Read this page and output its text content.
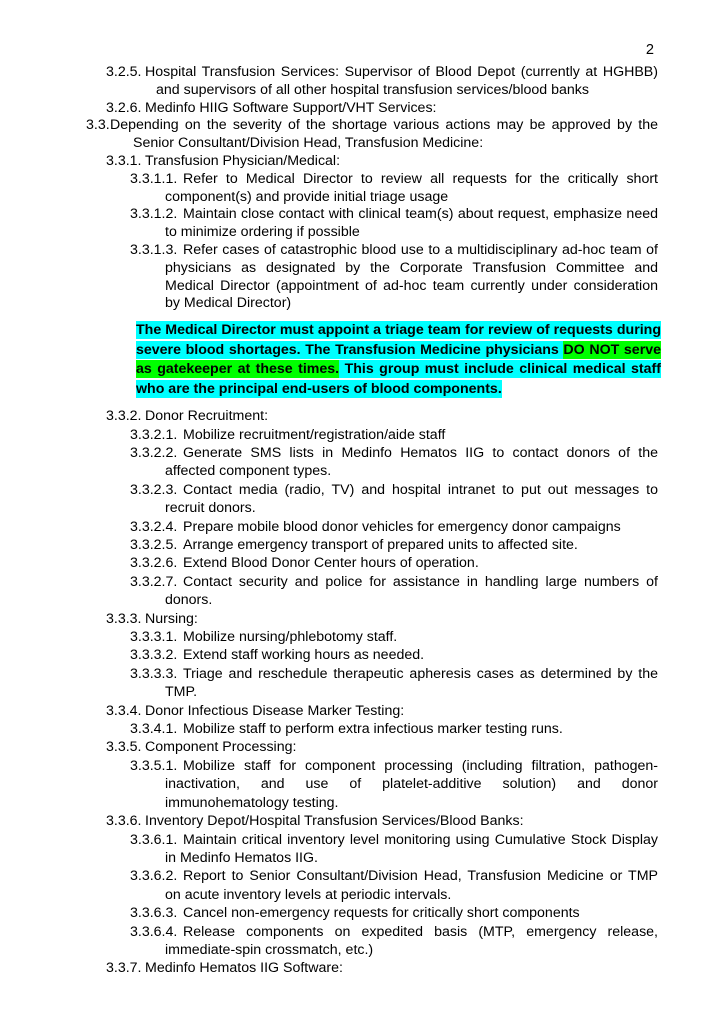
2

3.2.5. Hospital Transfusion Services: Supervisor of Blood Depot (currently at HGHBB) and supervisors of all other hospital transfusion services/blood banks

3.2.6. Medinfo HIIG Software Support/VHT Services:

3.3.Depending on the severity of the shortage various actions may be approved by the Senior Consultant/Division Head, Transfusion Medicine:

3.3.1. Transfusion Physician/Medical:

3.3.1.1. Refer to Medical Director to review all requests for the critically short component(s) and provide initial triage usage

3.3.1.2. Maintain close contact with clinical team(s) about request, emphasize need to minimize ordering if possible

3.3.1.3. Refer cases of catastrophic blood use to a multidisciplinary ad-hoc team of physicians as designated by the Corporate Transfusion Committee and Medical Director (appointment of ad-hoc team currently under consideration by Medical Director)

The Medical Director must appoint a triage team for review of requests during severe blood shortages. The Transfusion Medicine physicians DO NOT serve as gatekeeper at these times. This group must include clinical medical staff who are the principal end-users of blood components.

3.3.2. Donor Recruitment:

3.3.2.1. Mobilize recruitment/registration/aide staff

3.3.2.2. Generate SMS lists in Medinfo Hematos IIG to contact donors of the affected component types.

3.3.2.3. Contact media (radio, TV) and hospital intranet to put out messages to recruit donors.

3.3.2.4. Prepare mobile blood donor vehicles for emergency donor campaigns

3.3.2.5. Arrange emergency transport of prepared units to affected site.

3.3.2.6. Extend Blood Donor Center hours of operation.

3.3.2.7. Contact security and police for assistance in handling large numbers of donors.

3.3.3. Nursing:

3.3.3.1. Mobilize nursing/phlebotomy staff.

3.3.3.2. Extend staff working hours as needed.

3.3.3.3. Triage and reschedule therapeutic apheresis cases as determined by the TMP.

3.3.4. Donor Infectious Disease Marker Testing:

3.3.4.1. Mobilize staff to perform extra infectious marker testing runs.

3.3.5. Component Processing:

3.3.5.1. Mobilize staff for component processing (including filtration, pathogen-inactivation, and use of platelet-additive solution) and donor immunohematology testing.

3.3.6. Inventory Depot/Hospital Transfusion Services/Blood Banks:

3.3.6.1. Maintain critical inventory level monitoring using Cumulative Stock Display in Medinfo Hematos IIG.

3.3.6.2. Report to Senior Consultant/Division Head, Transfusion Medicine or TMP on acute inventory levels at periodic intervals.

3.3.6.3. Cancel non-emergency requests for critically short components

3.3.6.4. Release components on expedited basis (MTP, emergency release, immediate-spin crossmatch, etc.)

3.3.7. Medinfo Hematos IIG Software:
